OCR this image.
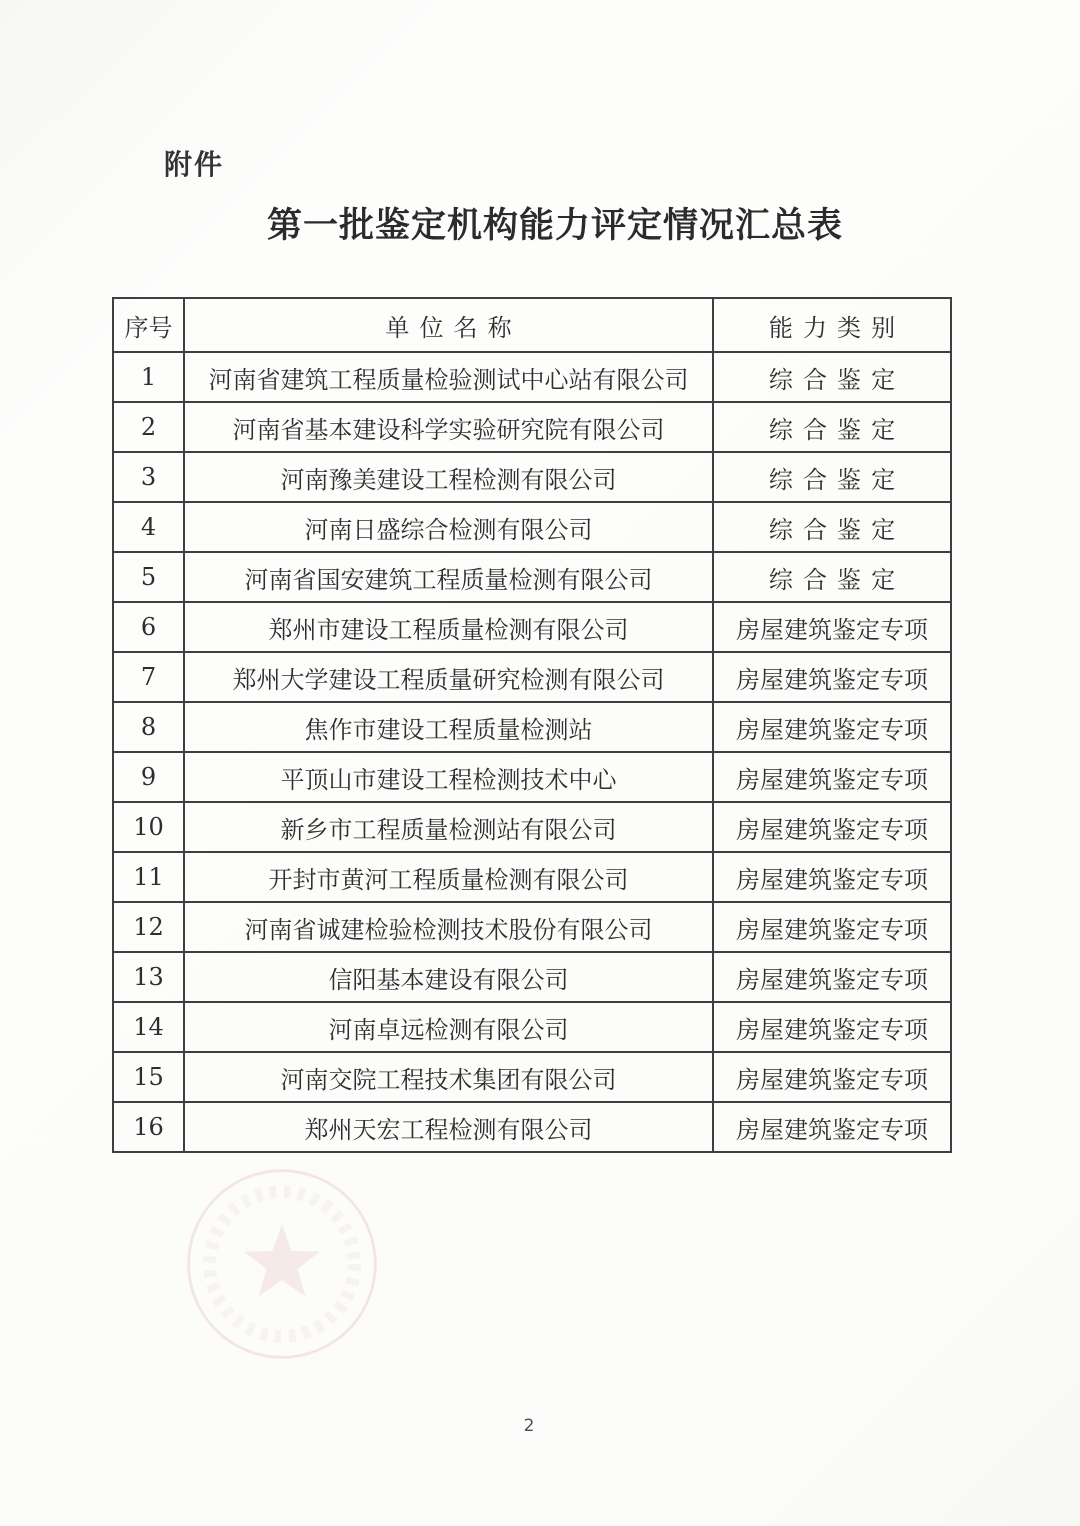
附件
第一批鉴定机构能力评定情况汇总表
序号	单位名称	能力类别
1	河南省建筑工程质量检验测试中心站有限公司	综合鉴定
2	河南省基本建设科学实验研究院有限公司	综合鉴定
3	河南豫美建设工程检测有限公司	综合鉴定
4	河南日盛综合检测有限公司	综合鉴定
5	河南省国安建筑工程质量检测有限公司	综合鉴定
6	郑州市建设工程质量检测有限公司	房屋建筑鉴定专项
7	郑州大学建设工程质量研究检测有限公司	房屋建筑鉴定专项
8	焦作市建设工程质量检测站	房屋建筑鉴定专项
9	平顶山市建设工程检测技术中心	房屋建筑鉴定专项
10	新乡市工程质量检测站有限公司	房屋建筑鉴定专项
11	开封市黄河工程质量检测有限公司	房屋建筑鉴定专项
12	河南省诚建检验检测技术股份有限公司	房屋建筑鉴定专项
13	信阳基本建设有限公司	房屋建筑鉴定专项
14	河南卓远检测有限公司	房屋建筑鉴定专项
15	河南交院工程技术集团有限公司	房屋建筑鉴定专项
16	郑州天宏工程检测有限公司	房屋建筑鉴定专项
2
